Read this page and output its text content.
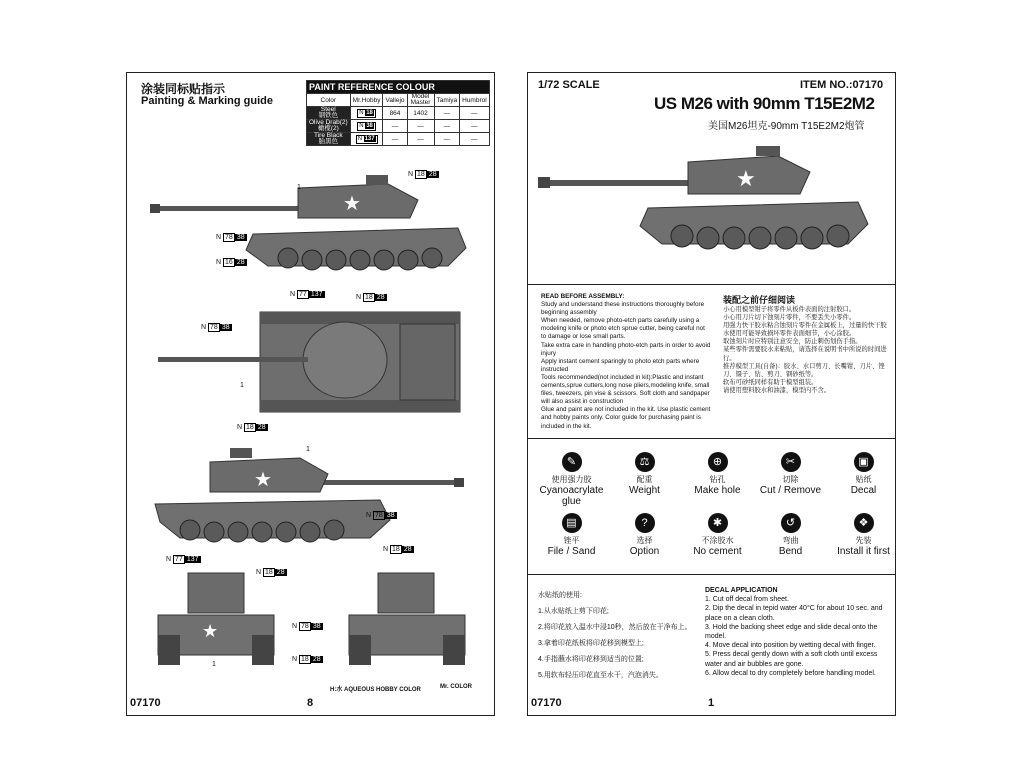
涂装同标贴指示
Painting & Marking guide
PAINT REFERENCE COLOUR					
Color	Mr.Hobby	Vallejo	Model Master	Tamiya	Humbrol
Steel
钢铁色	N 18	864	1402	—	—
Olive Drab(2)
橄榄(2)	N 38	—	—	—	—
Tire Black
胎黑色	N 137	—	—	—	—
★
N 18 28
1
N 78 38
N 16 28
N 77 137	N 18 28
N 78 38
1
★
N 18 28
1
N 78 38
N 18 28
N 77 137
★
N 18 28
N 78 38
N 18 28
1
H:水 AQUEOUS HOBBY COLOR	Mr. COLOR
07170	8
1/72 SCALE	ITEM NO.:07170
US M26 with 90mm T15E2M2
美国M26坦克-90mm T15E2M2炮管
★
READ BEFORE ASSEMBLY:
Study and understand these instructions thoroughly before beginning assembly
When needed, remove photo-etch parts carefully using a modeling knife or photo etch sprue cutter, being careful not to damage or lose small parts.
Take extra care in handling photo-etch parts in order to avoid injury
Apply instant cement sparingly to photo etch parts where instructed
Tools recommended(not included in kit):Plastic and instant cements,sprue cutters,long nose pliers,modeling knife, small files, tweezers, pin vise & scissors. Soft cloth and sandpaper will also assist in construction
Glue and paint are not included in the kit. Use plastic cement and hobby paints only. Color guide for purchasing paint is included in the kit.
装配之前仔细阅读
小心用模型钳子将零件从板件表面的注射胶口。
小心用刀片切下蚀刻片零件，不要丢失小零件。
用强力快干胶水粘合蚀刻片零件在金属板上，过量的快干胶水使用可能导致损坏零件表面细节，小心涂胶。
取蚀刻片时应特别注意安全，防止刺伤划伤手指。
某些零件需要胶水来粘贴，请选择在说明书中所说的时间进行。
推荐模型工具(自备)：胶水、水口剪刀、长嘴钳、刀片、锉刀、镊子、钻、剪刀、钢砂纸等。
软布可砂纸同样有助于模型组装。
请使用塑料胶水和油漆，模型内不含。
✎
使用强力胶
Cyanoacrylate glue
⚖
配重
Weight
⊕
钻孔
Make hole
✂
切除
Cut / Remove
▣
贴纸
Decal
▤
锉平
File / Sand
?
选择
Option
✱
不涂胶水
No cement
↺
弯曲
Bend
❖
先装
Install it first
水贴纸的使用:
1.从水贴纸上剪下印花;
2.将印花放入温水中浸10秒，然后放在干净布上。
3.拿着印花纸板将印花移到模型上;
4.手指蘸水将印花移到适当的位置;
5.用软布轻压印花直至水干，汽泡消失。
DECAL APPLICATION
1. Cut off decal from sheet.
2. Dip the decal in tepid water 40°C for about 10 sec. and place on a clean cloth.
3. Hold the backing sheet edge and slide decal onto the model.
4. Move decal into position by wetting decal with finger.
5. Press decal gently down with a soft cloth until excess water and air bubbles are gone.
6. Allow decal to dry completely before handling model.
07170	1
